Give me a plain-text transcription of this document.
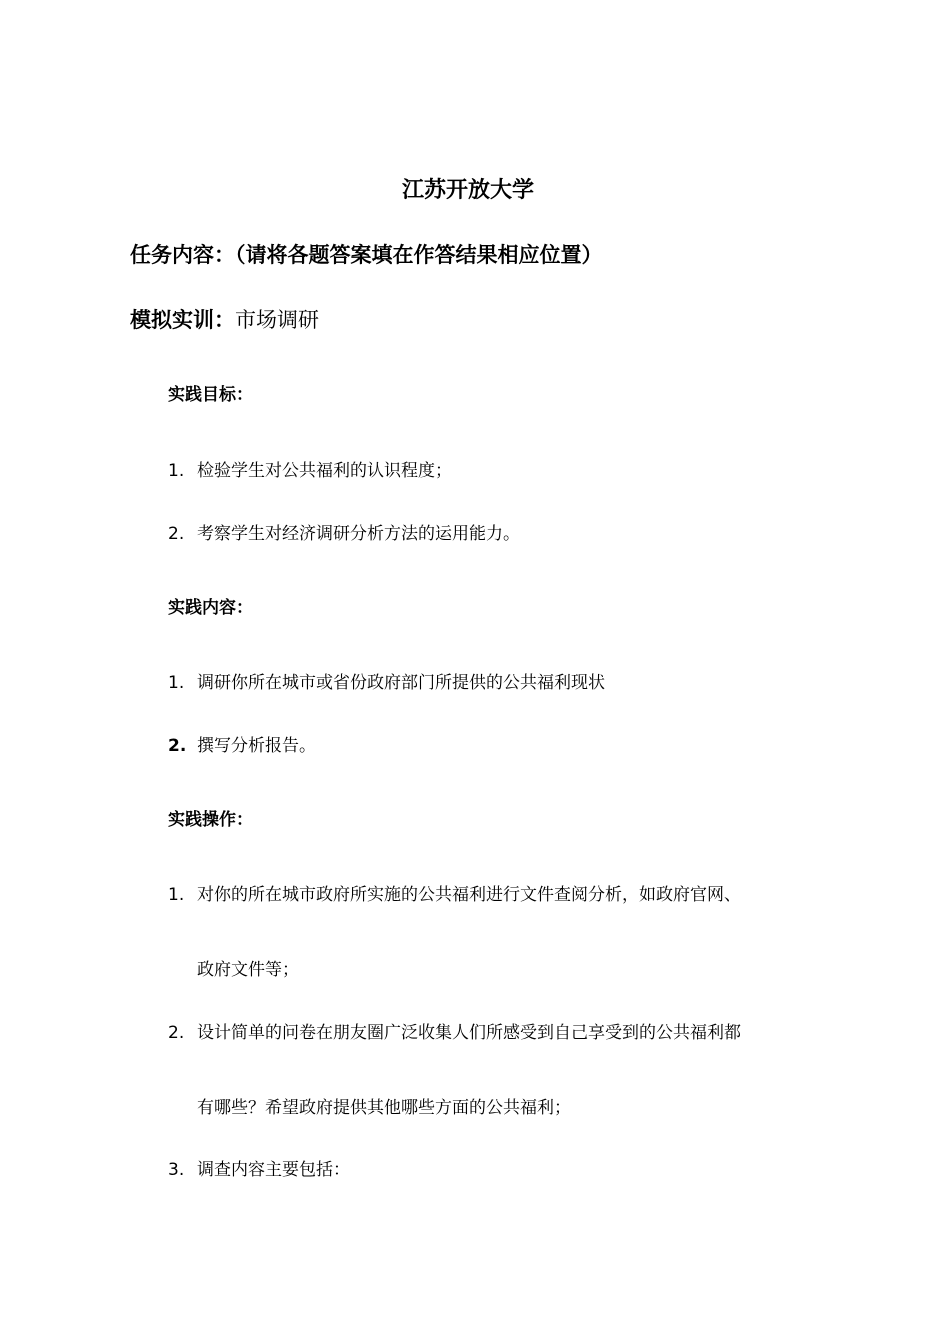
江苏开放大学
任务内容：（请将各题答案填在作答结果相应位置）
模拟实训：市场调研
实践目标：
1. 检验学生对公共福利的认识程度；
2. 考察学生对经济调研分析方法的运用能力。
实践内容：
1. 调研你所在城市或省份政府部门所提供的公共福利现状
2. 撰写分析报告。
实践操作：
1. 对你的所在城市政府所实施的公共福利进行文件查阅分析，如政府官网、
政府文件等；
2. 设计简单的问卷在朋友圈广泛收集人们所感受到自己享受到的公共福利都
有哪些？希望政府提供其他哪些方面的公共福利；
3. 调查内容主要包括：
